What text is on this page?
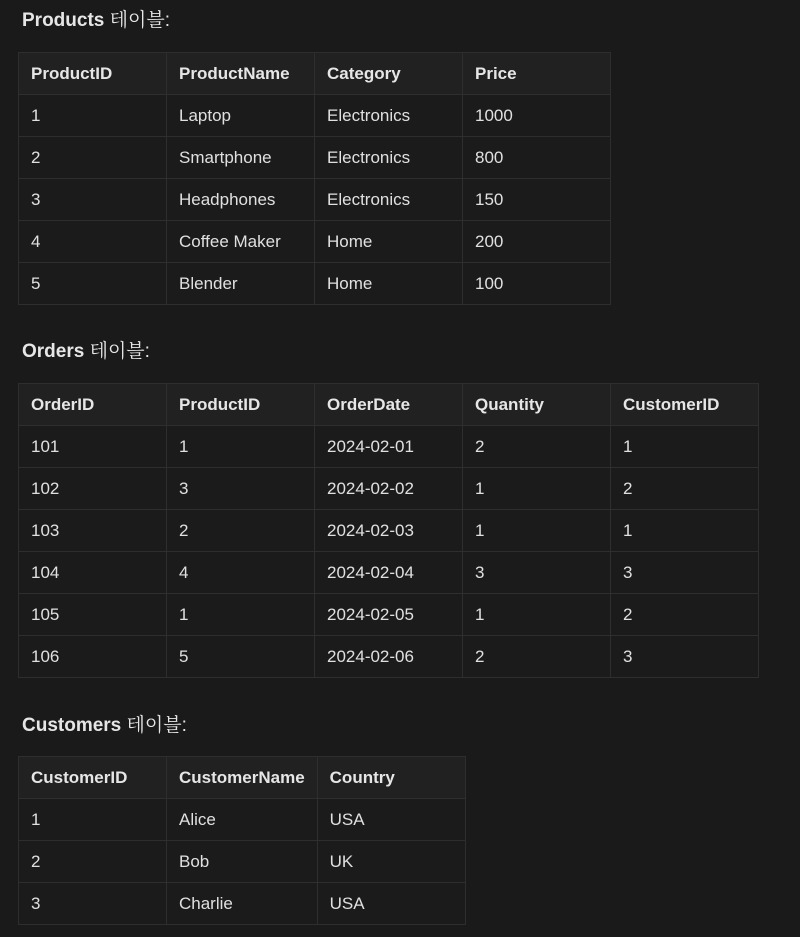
Products 테이블:
ProductID	ProductName	Category	Price
1	Laptop	Electronics	1000
2	Smartphone	Electronics	800
3	Headphones	Electronics	150
4	Coffee Maker	Home	200
5	Blender	Home	100
Orders 테이블:
OrderID	ProductID	OrderDate	Quantity	CustomerID
101	1	2024-02-01	2	1
102	3	2024-02-02	1	2
103	2	2024-02-03	1	1
104	4	2024-02-04	3	3
105	1	2024-02-05	1	2
106	5	2024-02-06	2	3
Customers 테이블:
CustomerID	CustomerName	Country
1	Alice	USA
2	Bob	UK
3	Charlie	USA
